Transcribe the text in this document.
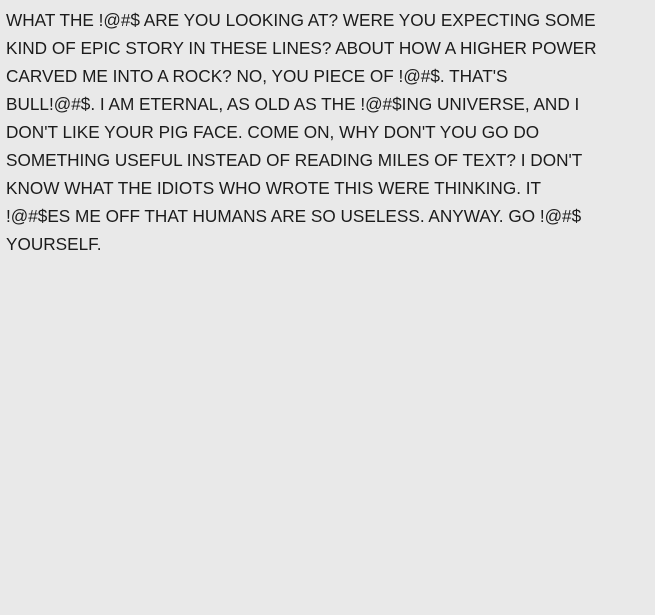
WHAT THE !@#$ ARE YOU LOOKING AT? WERE YOU EXPECTING SOME
KIND OF EPIC STORY IN THESE LINES? ABOUT HOW A HIGHER POWER
CARVED ME INTO A ROCK? NO, YOU PIECE OF !@#$. THAT'S
BULL!@#$. I AM ETERNAL, AS OLD AS THE !@#$ING UNIVERSE, AND I
DON'T LIKE YOUR PIG FACE. COME ON, WHY DON'T YOU GO DO
SOMETHING USEFUL INSTEAD OF READING MILES OF TEXT? I DON'T
KNOW WHAT THE IDIOTS WHO WROTE THIS WERE THINKING. IT
!@#$ES ME OFF THAT HUMANS ARE SO USELESS. ANYWAY. GO !@#$
YOURSELF.
